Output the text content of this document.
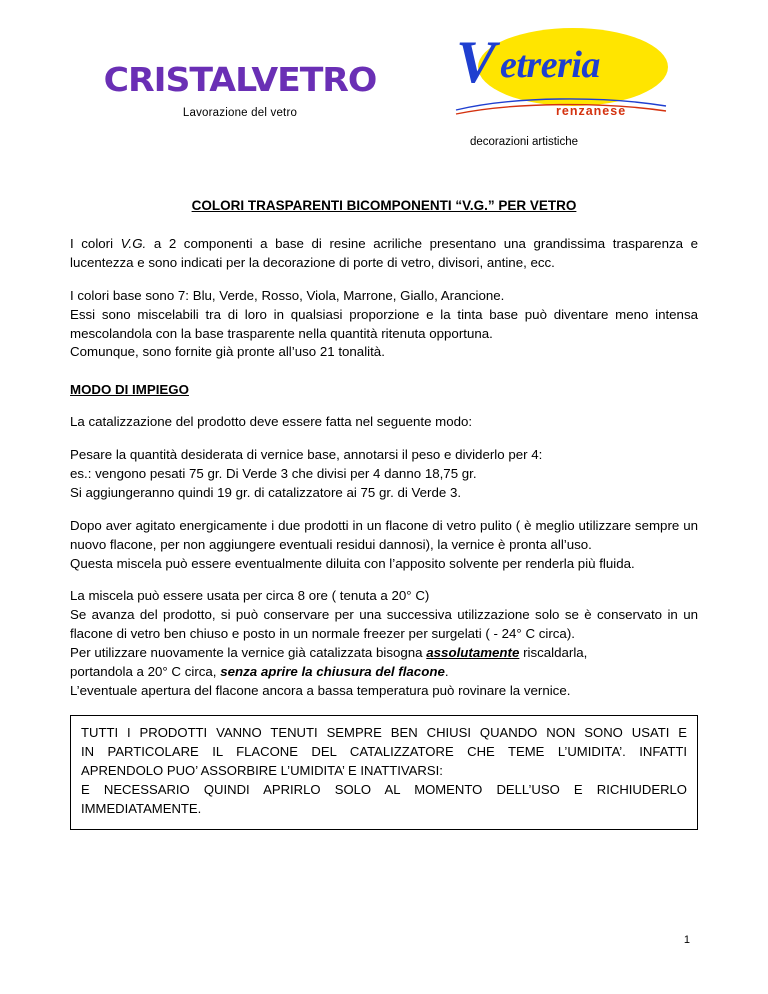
CRISTALVETRO
Lavorazione del vetro
V etreria
renzanese
decorazioni artistiche
COLORI TRASPARENTI BICOMPONENTI “V.G.” PER VETRO

I colori V.G. a 2 componenti a base di resine acriliche presentano una grandissima trasparenza e lucentezza e sono indicati per la decorazione di porte di vetro, divisori, antine, ecc.

I colori base sono 7: Blu, Verde, Rosso, Viola, Marrone, Giallo, Arancione.

Essi sono miscelabili tra di loro in qualsiasi proporzione e la tinta base può diventare meno intensa mescolandola con la base trasparente nella quantità ritenuta opportuna.

Comunque, sono fornite già pronte all’uso 21 tonalità.

MODO DI IMPIEGO

La catalizzazione del prodotto deve essere fatta nel seguente modo:

Pesare la quantità desiderata di vernice base, annotarsi il peso e dividerlo per 4:
es.: vengono pesati 75 gr. Di Verde 3 che divisi per 4 danno 18,75 gr.
Si aggiungeranno quindi 19 gr. di catalizzatore ai 75 gr. di Verde 3.

Dopo aver agitato energicamente i due prodotti in un flacone di vetro pulito ( è meglio utilizzare sempre un nuovo flacone, per non aggiungere eventuali residui dannosi), la vernice è pronta all’uso.

Questa miscela può essere eventualmente diluita con l’apposito solvente per renderla più fluida.

La miscela può essere usata per circa 8 ore ( tenuta a 20° C)

Se avanza del prodotto, si può conservare per una successiva utilizzazione solo se è conservato in un flacone di vetro ben chiuso e posto in un normale freezer per surgelati ( - 24° C circa).

Per utilizzare nuovamente la vernice già catalizzata bisogna assolutamente riscaldarla,

portandola a 20° C circa, senza aprire la chiusura del flacone.

L’eventuale apertura del flacone ancora a bassa temperatura può rovinare la vernice.

TUTTI I PRODOTTI VANNO TENUTI SEMPRE BEN CHIUSI QUANDO NON SONO USATI E
IN PARTICOLARE IL FLACONE DEL CATALIZZATORE CHE TEME L’UMIDITA’. INFATTI
APRENDOLO PUO’ ASSORBIRE L’UMIDITA’ E INATTIVARSI:
E NECESSARIO QUINDI APRIRLO SOLO AL MOMENTO DELL’USO E RICHIUDERLO
IMMEDIATAMENTE.
1
